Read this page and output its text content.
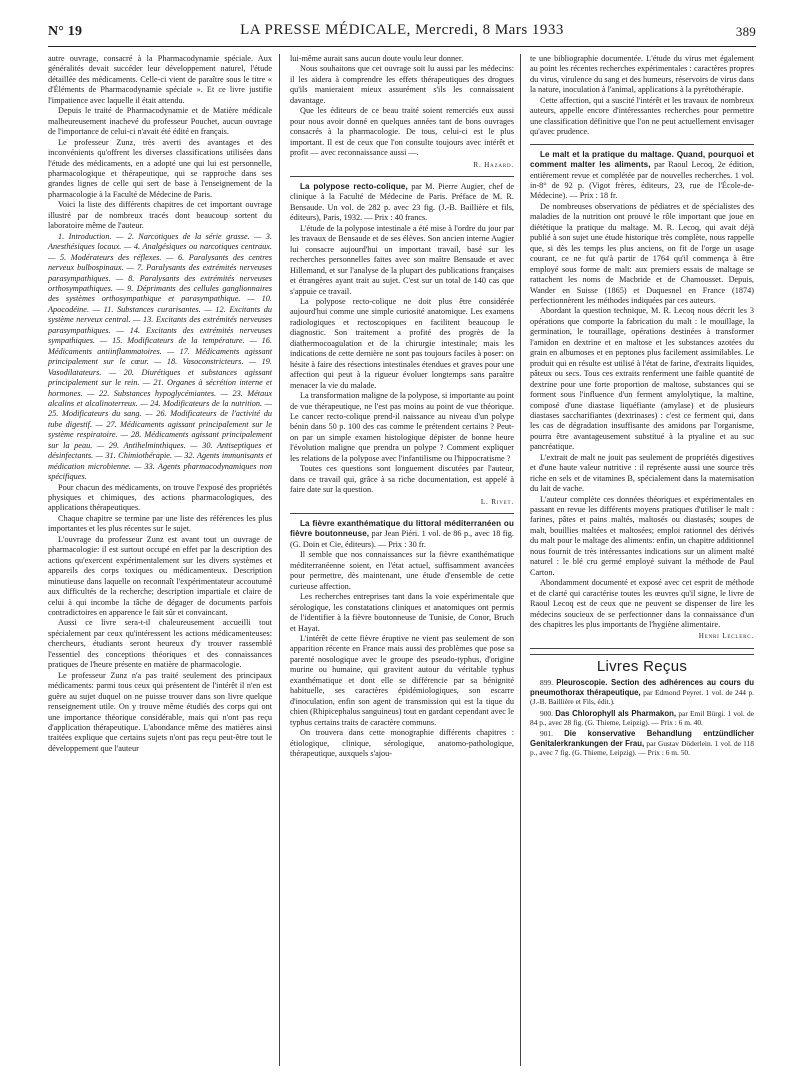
N° 19	LA PRESSE MÉDICALE, Mercredi, 8 Mars 1933	389

autre ouvrage, consacré à la Pharmacodynamie spéciale. Aux généralités devait succéder leur développement naturel, l'étude détaillée des médicaments. Celle-ci vient de paraître sous le titre « d'Éléments de Pharmacodynamie spéciale ». Et ce livre justifie l'impatience avec laquelle il était attendu.

Depuis le traité de Pharmacodynamie et de Matière médicale malheureusement inachevé du professeur Pouchet, aucun ouvrage de l'importance de celui-ci n'avait été édité en français.

Le professeur Zunz, très averti des avantages et des inconvénients qu'offrent les diverses classifications utilisées dans l'étude des médicaments, en a adopté une qui lui est personnelle, pharmacologique et thérapeutique, qui se rapproche dans ses grandes lignes de celle qui sert de base à l'enseignement de la pharmacologie à la Faculté de Médecine de Paris.

Voici la liste des différents chapitres de cet important ouvrage illustré par de nombreux tracés dont beaucoup sortent du laboratoire même de l'auteur.

1. Introduction. — 2. Narcotiques de la série grasse. — 3. Anesthésiques locaux. — 4. Analgésiques ou narcotiques centraux. — 5. Modérateurs des réflexes. — 6. Paralysants des centres nerveux bulbospinaux. — 7. Paralysants des extrémités nerveuses parasympathiques. — 8. Paralysants des extrémités nerveuses orthosympathiques. — 9. Déprimants des cellules ganglionnaires des systèmes orthosympathique et parasympathique. — 10. Apocodéine. — 11. Substances curarisantes. — 12. Excitants du système nerveux central. — 13. Excitants des extrémités nerveuses parasympathiques. — 14. Excitants des extrémités nerveuses sympathiques. — 15. Modificateurs de la température. — 16. Médicaments antiinflammatoires. — 17. Médicaments agissant principalement sur le cœur. — 18. Vasoconstricteurs. — 19. Vasodilatateurs. — 20. Diurétiques et substances agissant principalement sur le rein. — 21. Organes à sécrétion interne et hormones. — 22. Substances hypoglycémiantes. — 23. Métaux alcalins et alcalinoterreux. — 24. Modificateurs de la nutrition. — 25. Modificateurs du sang. — 26. Modificateurs de l'activité du tube digestif. — 27. Médicaments agissant principalement sur le système respiratoire. — 28. Médicaments agissant principalement sur la peau. — 29. Antihelminthiques. — 30. Antiseptiques et désinfectants. — 31. Chimiothérapie. — 32. Agents immunisants et médication microbienne. — 33. Agents pharmacodynamiques non spécifiques.

Pour chacun des médicaments, on trouve l'exposé des propriétés physiques et chimiques, des actions pharmacologiques, des applications thérapeutiques.

Chaque chapitre se termine par une liste des références les plus importantes et les plus récentes sur le sujet.

L'ouvrage du professeur Zunz est avant tout un ouvrage de pharmacologie: il est surtout occupé en effet par la description des actions qu'exercent expérimentalement sur les divers systèmes et appareils des corps toxiques ou médicamenteux. Description minutieuse dans laquelle on reconnaît l'expérimentateur accoutumé aux difficultés de la recherche; description impartiale et claire de celui à qui incombe la tâche de dégager de documents parfois contradictoires en apparence le fait sûr et convaincant.

Aussi ce livre sera-t-il chaleureusement accueilli tout spécialement par ceux qu'intéressent les actions médicamenteuses: chercheurs, étudiants seront heureux d'y trouver rassemblé l'essentiel des conceptions théoriques et des connaissances pratiques de l'heure présente en matière de pharmacologie.

Le professeur Zunz n'a pas traité seulement des principaux médicaments: parmi tous ceux qui présentent de l'intérêt il n'en est guère au sujet duquel on ne puisse trouver dans son livre quelque renseignement utile. On y trouve même étudiés des corps qui ont une importance théorique considérable, mais qui n'ont pas reçu d'application thérapeutique. L'abondance même des matières ainsi traitées explique que certains sujets n'ont pas reçu peut-être tout le développement que l'auteur

lui-même aurait sans aucun doute voulu leur donner.

Nous souhaitons que cet ouvrage soit lu aussi par les médecins: il les aidera à comprendre les effets thérapeutiques des drogues qu'ils manieraient mieux assurément s'ils les connaissaient davantage.

Que les éditeurs de ce beau traité soient remerciés eux aussi pour nous avoir donné en quelques années tant de bons ouvrages consacrés à la pharmacologie. De tous, celui-ci est le plus important. Il est de ceux que l'on consulte toujours avec intérêt et profit — avec reconnaissance aussi —.

R. Hazard.

La polypose recto-colique, par M. Pierre Augier, chef de clinique à la Faculté de Médecine de Paris. Préface de M. R. Bensaude. Un vol. de 282 p. avec 23 fig. (J.-B. Baillière et fils, éditeurs), Paris, 1932. — Prix : 40 francs.

L'étude de la polypose intestinale a été mise à l'ordre du jour par les travaux de Bensaude et de ses élèves. Son ancien interne Augier lui consacre aujourd'hui un important travail, basé sur les recherches personnelles faites avec son maître Bensaude et avec Hillemand, et sur l'analyse de la plupart des publications françaises et étrangères ayant trait au sujet. C'est sur un total de 140 cas que s'appuie ce travail.

La polypose recto-colique ne doit plus être considérée aujourd'hui comme une simple curiosité anatomique. Les examens radiologiques et rectoscopiques en facilitent beaucoup le diagnostic. Son traitement a profité des progrès de la diathermocoagulation et de la chirurgie intestinale; mais les indications de cette dernière ne sont pas toujours faciles à poser: on hésite à faire des résections intestinales étendues et graves pour une affection qui peut à la rigueur évoluer longtemps sans paraître menacer la vie du malade.

La transformation maligne de la polypose, si importante au point de vue thérapeutique, ne l'est pas moins au point de vue théorique. Le cancer recto-colique prend-il naissance au niveau d'un polype bénin dans 50 p. 100 des cas comme le prétendent certains ? Peut-on par un simple examen histologique dépister de bonne heure l'évolution maligne que prendra un polype ? Comment expliquer les relations de la polypose avec l'infantilisme ou l'hippocratisme ?

Toutes ces questions sont longuement discutées par l'auteur, dans ce travail qui, grâce à sa riche documentation, est appelé à faire date sur la question.

L. Rivet.

La fièvre exanthématique du littoral méditerranéen ou fièvre boutonneuse, par Jean Piéri. 1 vol. de 86 p., avec 18 fig. (G. Doin et Cie, éditeurs). — Prix : 30 fr.

Il semble que nos connaissances sur la fièvre exanthématique méditerranéenne soient, en l'état actuel, suffisamment avancées pour permettre, dès maintenant, une étude d'ensemble de cette curieuse affection.

Les recherches entreprises tant dans la voie expérimentale que sérologique, les constatations cliniques et anatomiques ont permis de l'identifier à la fièvre boutonneuse de Tunisie, de Conor, Bruch et Hayat.

L'intérêt de cette fièvre éruptive ne vient pas seulement de son apparition récente en France mais aussi des problèmes que pose sa parenté nosologique avec le groupe des pseudo-typhus, d'origine murine ou humaine, qui gravitent autour du véritable typhus exanthématique et dont elle se différencie par sa bénignité habituelle, ses caractères épidémiologiques, son escarre d'inoculation, enfin son agent de transmission qui est la tique du chien (Rhipicephalus sanguineus) tout en gardant cependant avec le typhus certains traits de caractère communs.

On trouvera dans cette monographie différents chapitres : étiologique, clinique, sérologique, anatomo-pathologique, thérapeutique, auxquels s'ajou-

te une bibliographie documentée. L'étude du virus met également au point les récentes recherches expérimentales : caractères propres du virus, virulence du sang et des humeurs, réservoirs de virus dans la nature, inoculation à l'animal, applications à la pyrétothérapie.

Cette affection, qui a suscité l'intérêt et les travaux de nombreux auteurs, appelle encore d'intéressantes recherches pour permettre une classification définitive que l'on ne peut actuellement envisager qu'avec prudence.

Le malt et la pratique du maltage. Quand, pourquoi et comment malter les aliments, par Raoul Lecoq, 2e édition, entièrement revue et complétée par de nouvelles recherches. 1 vol. in-8° de 92 p. (Vigot frères, éditeurs, 23, rue de l'École-de-Médecine). — Prix : 18 fr.

De nombreuses observations de pédiatres et de spécialistes des maladies de la nutrition ont prouvé le rôle important que joue en diététique la pratique du maltage. M. R. Lecoq, qui avait déjà publié à son sujet une étude historique très complète, nous rappelle que, si dès les temps les plus anciens, on fit de l'orge un usage courant, ce ne fut qu'à partir de 1764 qu'il commença à être employé sous forme de malt: aux premiers essais de maltage se rattachent les noms de Macbride et de Chamousset. Depuis, Wander en Suisse (1865) et Duquesnel en France (1874) perfectionnèrent les méthodes indiquées par ces auteurs.

Abordant la question technique, M. R. Lecoq nous décrit les 3 opérations que comporte la fabrication du malt : le mouillage, la germination, le touraillage, opérations destinées à transformer l'amidon en dextrine et en maltose et les substances azotées du grain en albumoses et en peptones plus facilement assimilables. Le produit qui en résulte est utilisé à l'état de farine, d'extraits liquides, pâteux ou secs. Tous ces extraits renferment une faible quantité de dextrine pour une forte proportion de maltose, substances qui se forment sous l'influence d'un ferment amylolytique, la maltine, composé d'une diastase liquéfiante (amylase) et de plusieurs diastases saccharifiantes (dextrinases) : c'est ce ferment qui, dans les cas de dégradation insuffisante des amidons par l'organisme, pourra être avantageusement substitué à la ptyaline et au suc pancréatique.

L'extrait de malt ne jouit pas seulement de propriétés digestives et d'une haute valeur nutritive : il représente aussi une source très riche en sels et de vitamines B, spécialement dans la maternisation du lait de vache.

L'auteur complète ces données théoriques et expérimentales en passant en revue les différents moyens pratiques d'utiliser le malt : farines, pâtes et pains maltés, maltosés ou diastasés; soupes de malt, bouillies maltées et maltosées; emploi rationnel des dérivés du malt pour le maltage des aliments: enfin, un chapitre additionnel nous fournit de très intéressantes indications sur un aliment malté naturel : le blé cru germé employé suivant la méthode de Paul Carton.

Abondamment documenté et exposé avec cet esprit de méthode et de clarté qui caractérise toutes les œuvres qu'il signe, le livre de Raoul Lecoq est de ceux que ne peuvent se dispenser de lire les médecins soucieux de se perfectionner dans la connaissance d'un des chapitres les plus importants de l'hygiène alimentaire.

Henri Leclerc.
Livres Reçus
899. Pleuroscopie. Section des adhérences au cours du pneumothorax thérapeutique, par Edmond Peyret. 1 vol. de 244 p. (J.-B. Baillière et Fils, édit.).
900. Das Chlorophyll als Pharmakon, par Emil Bürgi. 1 vol. de 84 p., avec 28 fig. (G. Thieme, Leipzig). — Prix : 6 m. 40.
901. Die konservative Behandlung entzündlicher Genitalerkrankungen der Frau, par Gustav Döderlein. 1 vol. de 118 p., avec 7 fig. (G. Thieme, Leipzig). — Prix : 6 m. 50.
